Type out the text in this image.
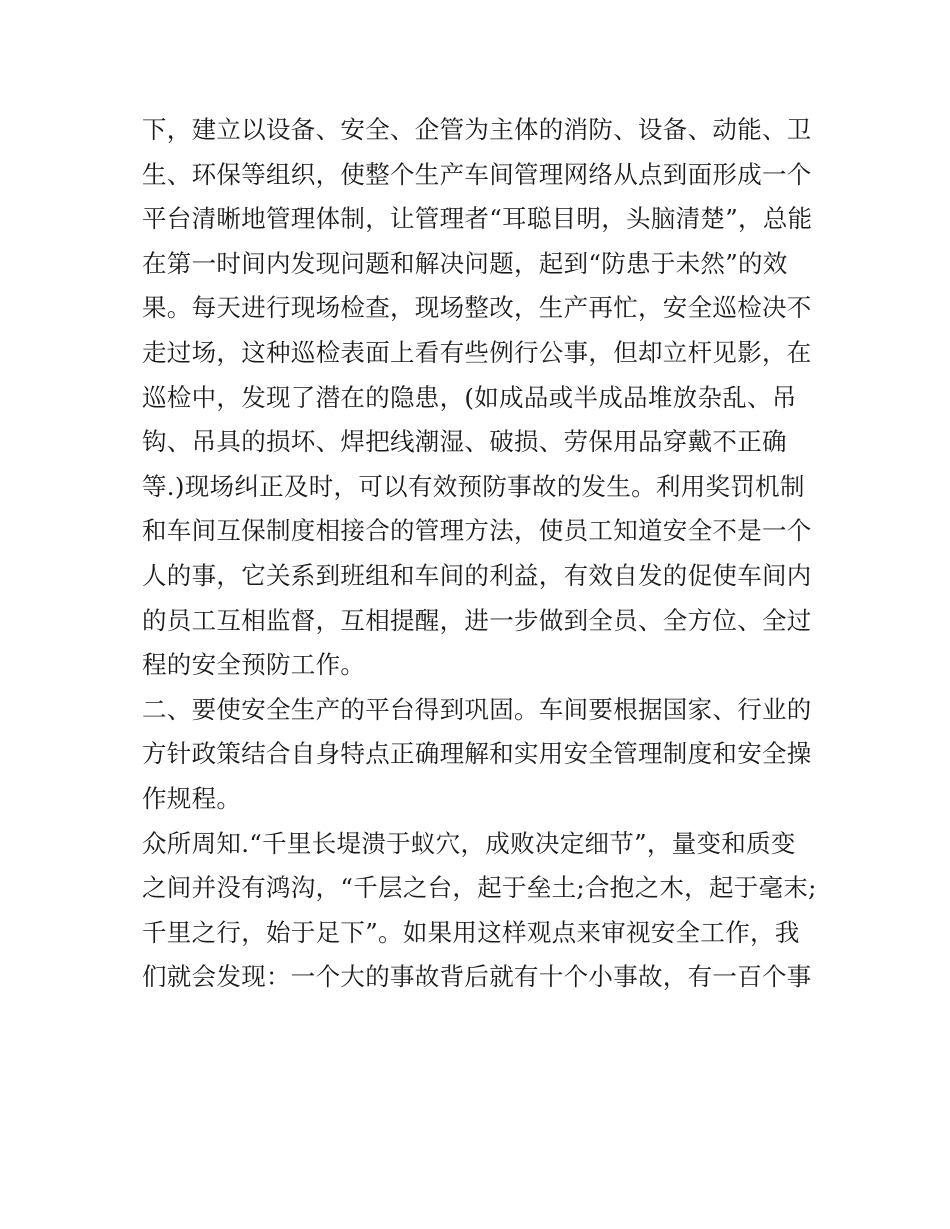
下，建立以设备、安全、企管为主体的消防、设备、动能、卫
生、环保等组织，使整个生产车间管理网络从点到面形成一个
平台清晰地管理体制，让管理者“耳聪目明，头脑清楚”，总能
在第一时间内发现问题和解决问题，起到“防患于未然”的效
果。每天进行现场检查，现场整改，生产再忙，安全巡检决不
走过场，这种巡检表面上看有些例行公事，但却立杆见影，在
巡检中，发现了潜在的隐患，(如成品或半成品堆放杂乱、吊
钩、吊具的损坏、焊把线潮湿、破损、劳保用品穿戴不正确
等.)现场纠正及时，可以有效预防事故的发生。利用奖罚机制
和车间互保制度相接合的管理方法，使员工知道安全不是一个
人的事，它关系到班组和车间的利益，有效自发的促使车间内
的员工互相监督，互相提醒，进一步做到全员、全方位、全过
程的安全预防工作。
二、要使安全生产的平台得到巩固。车间要根据国家、行业的
方针政策结合自身特点正确理解和实用安全管理制度和安全操
作规程。
众所周知.“千里长堤溃于蚁穴，成败决定细节”，量变和质变
之间并没有鸿沟，“千层之台，起于垒土;合抱之木，起于毫末;
千里之行，始于足下”。如果用这样观点来审视安全工作，我
们就会发现：一个大的事故背后就有十个小事故，有一百个事
